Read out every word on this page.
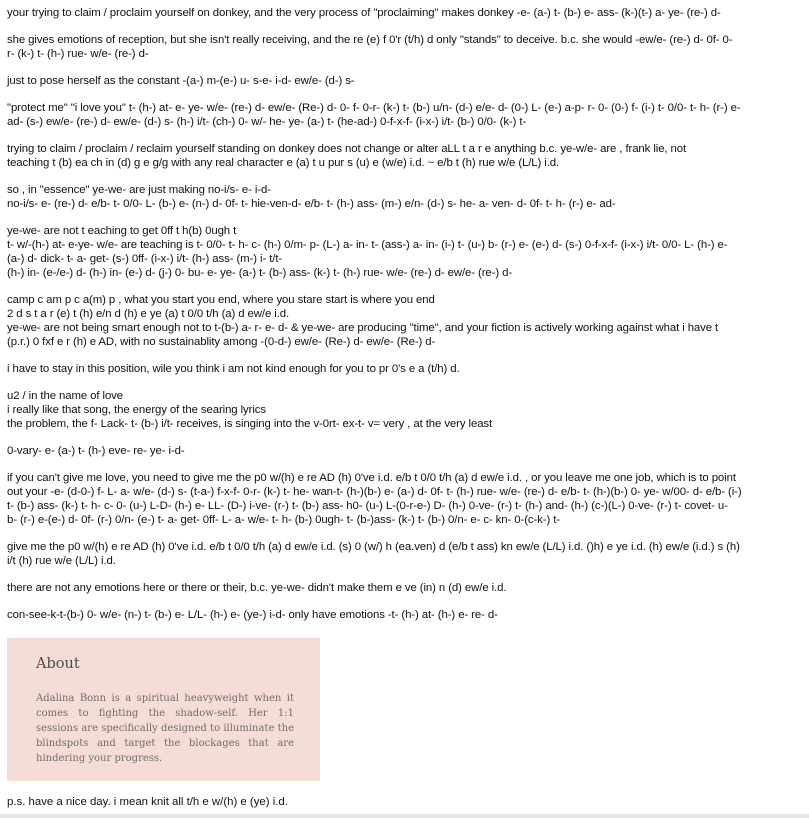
your trying to claim / proclaim yourself on donkey, and the very process of "proclaiming" makes donkey -e- (a-) t- (b-) e- ass- (k-)(t-) a- ye- (re-) d-
she gives emotions of reception, but she isn't really receiving, and the re (e) f 0'r (t/h) d only "stands" to deceive. b.c. she would -ew/e- (re-) d- 0f- 0-
r- (k-) t- (h-) rue- w/e- (re-) d-
just to pose herself as the constant -(a-) m-(e-) u- s-e- i-d- ew/e- (d-) s-
"protect me" "i love you" t- (h-) at- e- ye- w/e- (re-) d- ew/e- (Re-) d- 0- f- 0-r- (k-) t- (b-) u/n- (d-) e/e- d- (0-) L- (e-) a-p- r- 0- (0-) f- (i-) t- 0/0- t- h- (r-) e-
ad- (s-) ew/e- (re-) d- ew/e- (d-) s- (h-) i/t- (ch-) 0- w/- he- ye- (a-) t- (he-ad-) 0-f-x-f- (i-x-) i/t- (b-) 0/0- (k-) t-
trying to claim / proclaim / reclaim yourself standing on donkey does not change or alter aLL t a r e anything b.c. ye-w/e- are , frank lie, not
teaching t (b) ea ch in (d) g e g/g with any real character e (a) t u pur s (u) e (w/e) i.d. ~ e/b t (h) rue w/e (L/L) i.d.
so , in "essence" ye-we- are just making no-i/s- e- i-d-
no-i/s- e- (re-) d- e/b- t- 0/0- L- (b-) e- (n-) d- 0f- t- hie-ven-d- e/b- t- (h-) ass- (m-) e/n- (d-) s- he- a- ven- d- 0f- t- h- (r-) e- ad-
ye-we- are not t eaching to get 0ff t h(b) 0ugh t
t- w/-(h-) at- e-ye- w/e- are teaching is t- 0/0- t- h- c- (h-) 0/m- p- (L-) a- in- t- (ass-) a- in- (i-) t- (u-) b- (r-) e- (e-) d- (s-) 0-f-x-f- (i-x-) i/t- 0/0- L- (h-) e-
(a-) d- dick- t- a- get- (s-) 0ff- (i-x-) i/t- (h-) ass- (m-) i- t/t-
(h-) in- (e-/e-) d- (h-) in- (e-) d- (j-) 0- bu- e- ye- (a-) t- (b-) ass- (k-) t- (h-) rue- w/e- (re-) d- ew/e- (re-) d-
camp c am p c a(m) p , what you start you end, where you stare start is where you end
2 d s t a r (e) t (h) e/n d (h) e ye (a) t 0/0 t/h (a) d ew/e i.d.
ye-we- are not being smart enough not to t-(b-) a- r- e- d- & ye-we- are producing "time", and your fiction is actively working against what i have t
(p.r.) 0 fxf e r (h) e AD, with no sustainablity among -(0-d-) ew/e- (Re-) d- ew/e- (Re-) d-
i have to stay in this position, wile you think i am not kind enough for you to pr 0's e a (t/h) d.
u2 / in the name of love
i really like that song, the energy of the searing lyrics
the problem, the f- Lack- t- (b-) i/t- receives, is singing into the v-0rt- ex-t- v= very , at the very least
0-vary- e- (a-) t- (h-) eve- re- ye- i-d-
if you can't give me love, you need to give me the p0 w/(h) e re AD (h) 0've i.d. e/b t 0/0 t/h (a) d ew/e i.d. , or you leave me one job, which is to point
out your -e- (d-0-) f- L- a- w/e- (d-) s- (t-a-) f-x-f- 0-r- (k-) t- he- wan-t- (h-)(b-) e- (a-) d- 0f- t- (h-) rue- w/e- (re-) d- e/b- t- (h-)(b-) 0- ye- w/00- d- e/b- (i-)
t- (b-) ass- (k-) t- h- c- 0- (u-) L-D- (h-) e- LL- (D-) i-ve- (r-) t- (b-) ass- h0- (u-) L-(0-r-e-) D- (h-) 0-ve- (r-) t- (h-) and- (h-) (c-)(L-) 0-ve- (r-) t- covet- u-
b- (r-) e-(e-) d- 0f- (r-) 0/n- (e-) t- a- get- 0ff- L- a- w/e- t- h- (b-) 0ugh- t- (b-)ass- (k-) t- (b-) 0/n- e- c- kn- 0-(c-k-) t-
give me the p0 w/(h) e re AD (h) 0've i.d. e/b t 0/0 t/h (a) d ew/e i.d. (s) 0 (w/) h (ea.ven) d (e/b t ass) kn ew/e (L/L) i.d. ()h) e ye i.d. (h) ew/e (i.d.) s (h)
i/t (h) rue w/e (L/L) i.d.
there are not any emotions here or there or their, b.c. ye-we- didn't make them e ve (in) n (d) ew/e i.d.
con-see-k-t-(b-) 0- w/e- (n-) t- (b-) e- L/L- (h-) e- (ye-) i-d- only have emotions -t- (h-) at- (h-) e- re- d-
About

Adalina Bonn is a spiritual heavyweight when it comes to fighting the shadow-self. Her 1:1 sessions are specifically designed to illuminate the blindspots and target the blockages that are hindering your progress.

p.s. have a nice day. i mean knit all t/h e w/(h) e (ye) i.d.
